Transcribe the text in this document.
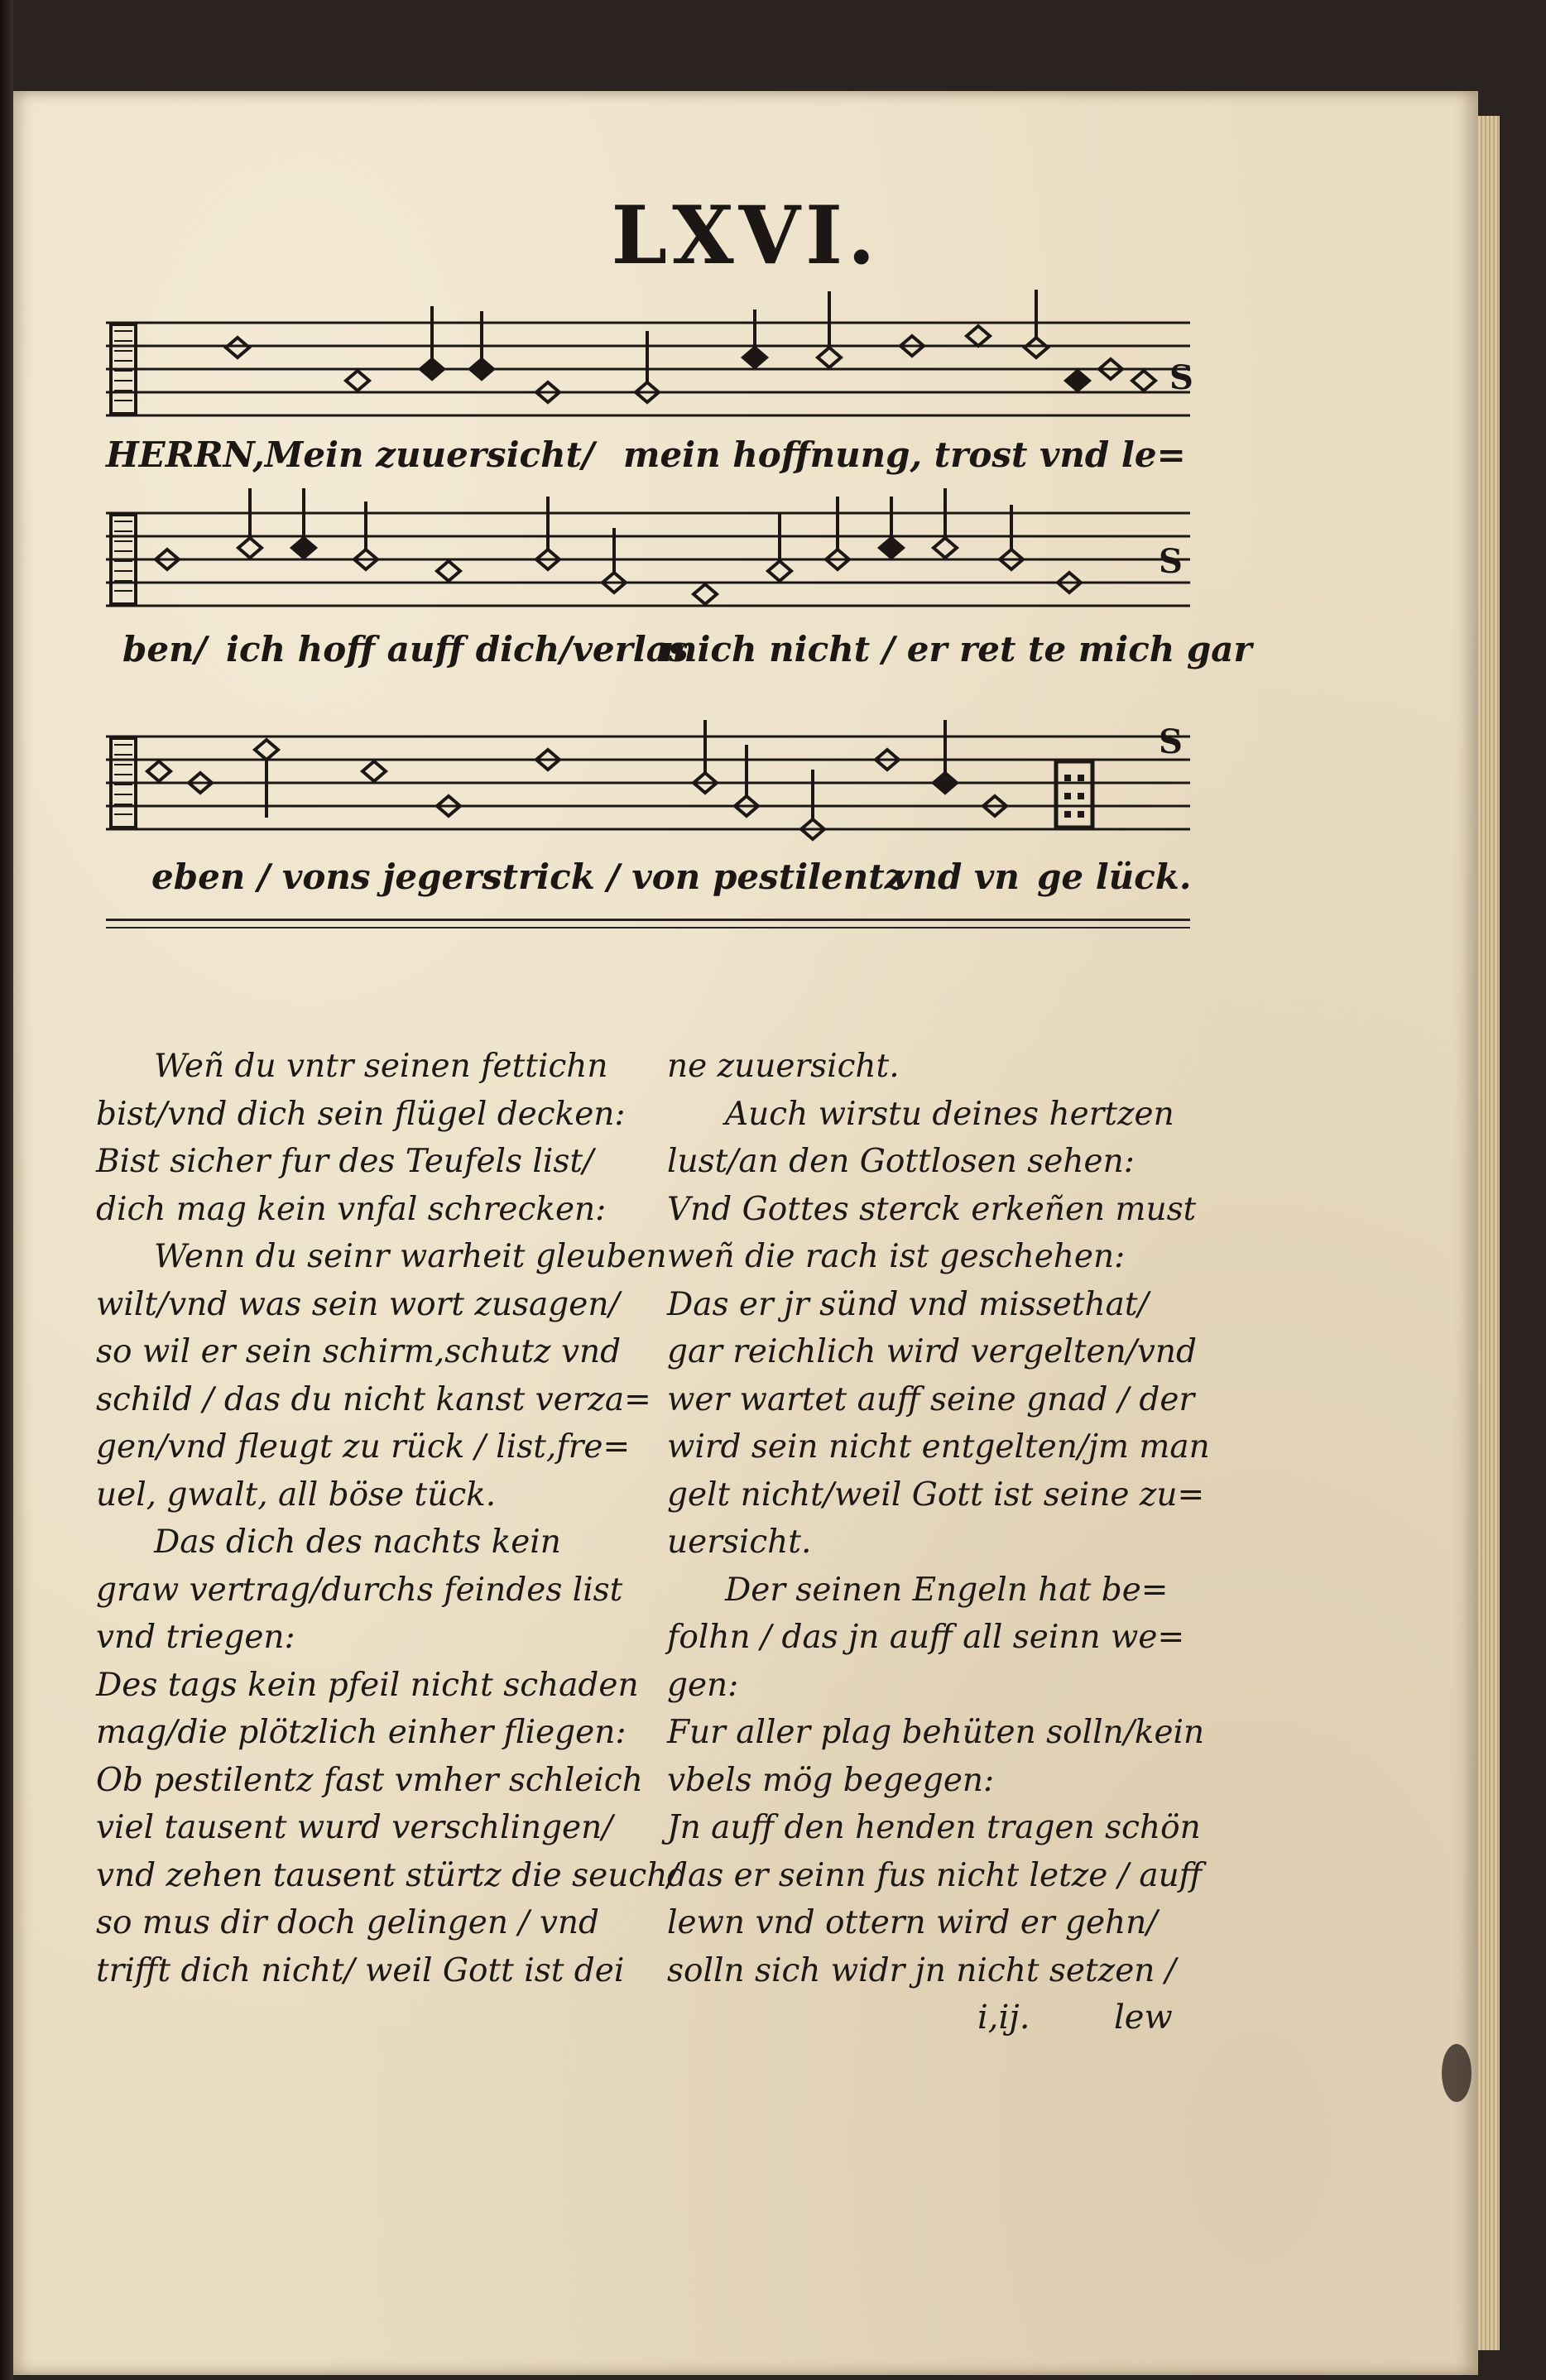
LXVI.
S
HERRN,Mein zuuersicht/ mein hoffnung, trost vnd le=
S
ben/ ich hoff auff dich/verlas
mich nicht / er ret te mich gar
S
eben / vons jegers
strick / von pestilentz
vnd vn ge lück.
Weñ du vntr seinen fettichn
bist/vnd dich sein flügel decken:
Bist sicher fur des Teufels list/
dich mag kein vnfal schrecken:
Wenn du seinr warheit gleuben
wilt/vnd was sein wort zusagen/
so wil er sein schirm,schutz vnd
schild / das du nicht kanst verza=
gen/vnd fleugt zu rück / list,fre=
uel, gwalt, all böse tück.
Das dich des nachts kein
graw vertrag/durchs feindes list
vnd triegen:
Des tags kein pfeil nicht schaden
mag/die plötzlich einher fliegen:
Ob pestilentz fast vmher schleich
viel tausent wurd verschlingen/
vnd zehen tausent stürtz die seuch/
so mus dir doch gelingen / vnd
trifft dich nicht/ weil Gott ist dei
ne zuuersicht.
Auch wirstu deines hertzen
lust/an den Gottlosen sehen:
Vnd Gottes sterck erkeñen must
weñ die rach ist geschehen:
Das er jr sünd vnd missethat/
gar reichlich wird vergelten/vnd
wer wartet auff seine gnad / der
wird sein nicht entgelten/jm man
gelt nicht/weil Gott ist seine zu=
uersicht.
Der seinen Engeln hat be=
folhn / das jn auff all seinn we=
gen:
Fur aller plag behüten solln/kein
vbels mög begegen:
Jn auff den henden tragen schön
das er seinn fus nicht letze / auff
lewn vnd ottern wird er gehn/
solln sich widr jn nicht setzen /
i,ij.	lew
